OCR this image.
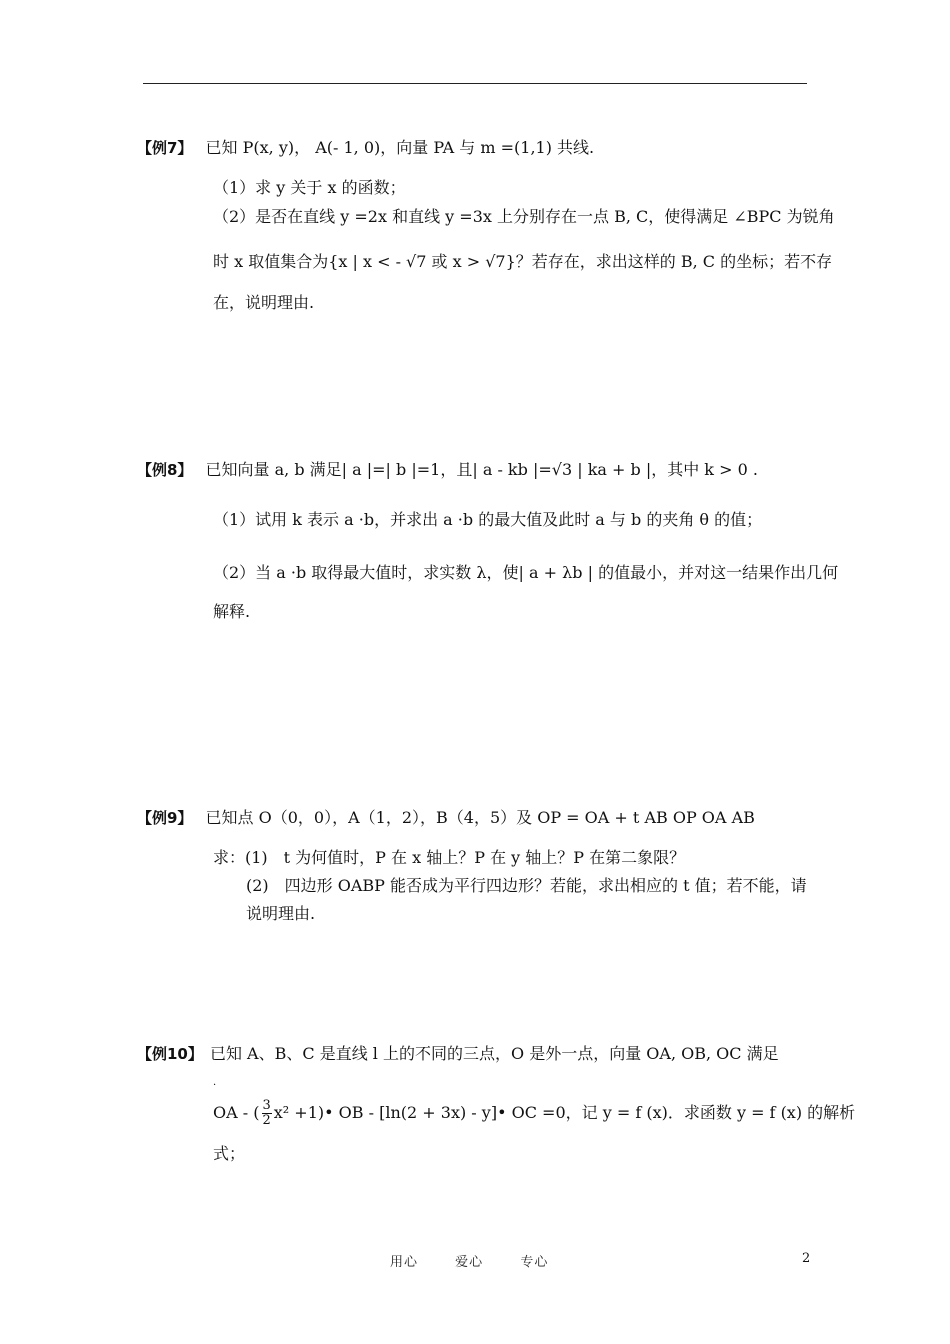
【例7】 已知 P(x, y)， A(- 1, 0)，向量 PA 与 m =(1,1) 共线.
（1）求 y 关于 x 的函数；
（2）是否在直线 y =2x 和直线 y =3x 上分别存在一点 B, C，使得满足 ∠BPC 为锐角
时 x 取值集合为{x | x < - √7 或 x > √7}？若存在，求出这样的 B, C 的坐标；若不存
在，说明理由.
【例8】 已知向量 a, b 满足| a |=| b |=1，且| a - kb |=√3 | ka + b |，其中 k > 0 .
（1）试用 k 表示 a ·b，并求出 a ·b 的最大值及此时 a 与 b 的夹角 θ 的值；
（2）当 a ·b 取得最大值时，求实数 λ，使| a + λb | 的值最小，并对这一结果作出几何
解释.
【例9】 已知点 O（0，0），A（1，2），B（4，5）及 OP = OA + t AB OP OA AB
求：(1)　t 为何值时，P 在 x 轴上？P 在 y 轴上？P 在第二象限？
(2)　四边形 OABP 能否成为平行四边形？若能，求出相应的 t 值；若不能，请
说明理由.
【例10】 已知 A、B、C 是直线 l 上的不同的三点，O 是外一点，向量 OA, OB, OC 满足
·
OA - ( $\frac{3}{2} x^2$ +1)• OB - [ln(2 + 3x) - y]• OC =0，记 y = f (x)．求函数 y = f (x) 的解析
式；
用心	爱心	专心	2
